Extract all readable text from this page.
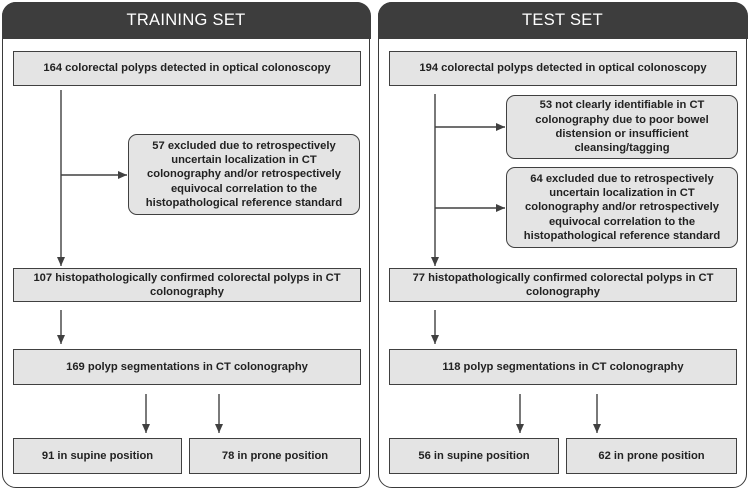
TRAINING SET	TEST SET
164 colorectal polyps detected in optical colonoscopy
57 excluded due to retrospectively uncertain localization in CT colonography and/or retrospectively equivocal correlation to the histopathological reference standard
107 histopathologically confirmed colorectal polyps in CT colonography
169 polyp segmentations in CT colonography
91 in supine position	78 in prone position
194 colorectal polyps detected in optical colonoscopy
53 not clearly identifiable in CT colonography due to poor bowel distension or insufficient cleansing/tagging
64 excluded due to retrospectively uncertain localization in CT colonography and/or retrospectively equivocal correlation to the histopathological reference standard
77 histopathologically confirmed colorectal polyps in CT colonography
118 polyp segmentations in CT colonography
56 in supine position	62 in prone position
